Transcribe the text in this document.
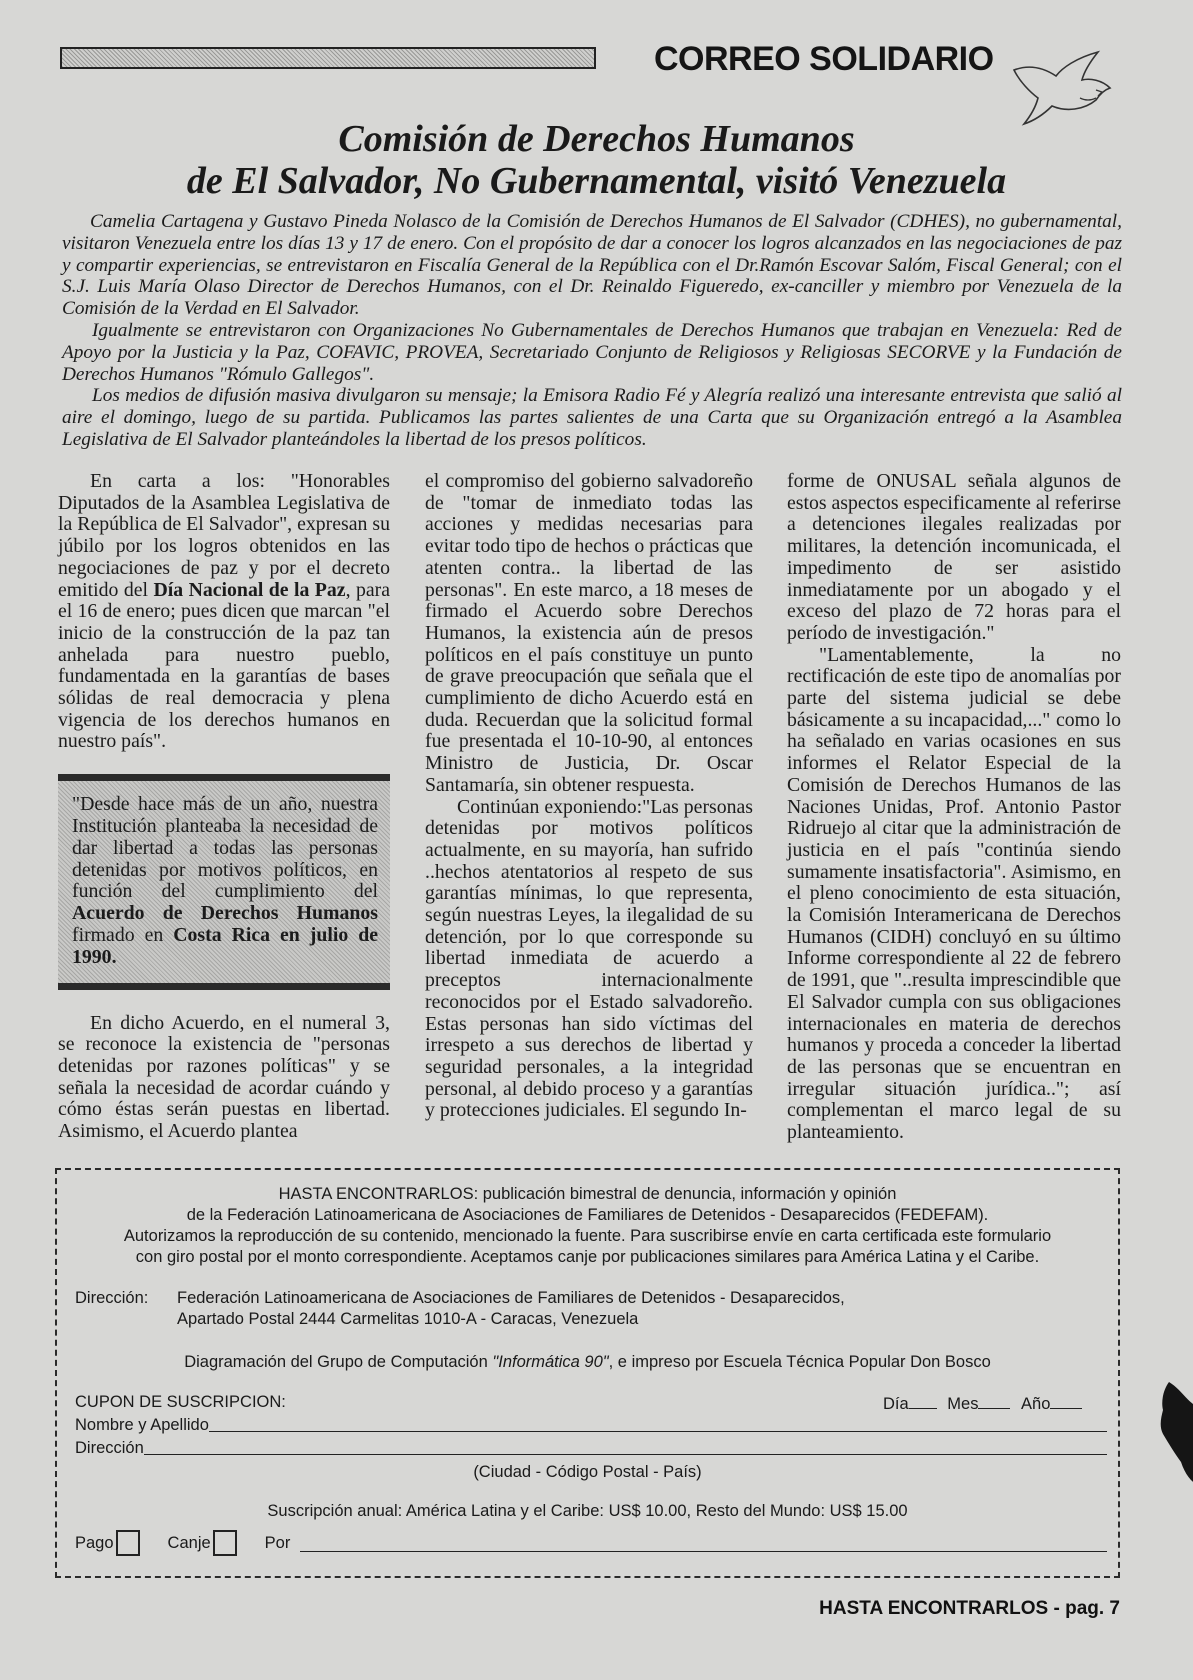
CORREO SOLIDARIO
Comisión de Derechos Humanos
de El Salvador, No Gubernamental, visitó Venezuela

Camelia Cartagena y Gustavo Pineda Nolasco de la Comisión de Derechos Humanos de El Salvador (CDHES), no gubernamental, visitaron Venezuela entre los días 13 y 17 de enero. Con el propósito de dar a conocer los logros alcanzados en las negociaciones de paz y compartir experiencias, se entrevistaron en Fiscalía General de la República con el Dr.Ramón Escovar Salóm, Fiscal General; con el S.J. Luis María Olaso Director de Derechos Humanos, con el Dr. Reinaldo Figueredo, ex-canciller y miembro por Venezuela de la Comisión de la Verdad en El Salvador.

Igualmente se entrevistaron con Organizaciones No Gubernamentales de Derechos Humanos que trabajan en Venezuela: Red de Apoyo por la Justicia y la Paz, COFAVIC, PROVEA, Secretariado Conjunto de Religiosos y Religiosas SECORVE y la Fundación de Derechos Humanos "Rómulo Gallegos".

Los medios de difusión masiva divulgaron su mensaje; la Emisora Radio Fé y Alegría realizó una interesante entrevista que salió al aire el domingo, luego de su partida. Publicamos las partes salientes de una Carta que su Organización entregó a la Asamblea Legislativa de El Salvador planteándoles la libertad de los presos políticos.

En carta a los: "Honorables Diputados de la Asamblea Legislativa de la República de El Salvador", expresan su júbilo por los logros obtenidos en las negociaciones de paz y por el decreto emitido del Día Nacional de la Paz, para el 16 de enero; pues dicen que marcan "el inicio de la construcción de la paz tan anhelada para nuestro pueblo, fundamentada en la garantías de bases sólidas de real democracia y plena vigencia de los derechos humanos en nuestro país".

"Desde hace más de un año, nuestra Institución planteaba la necesidad de dar libertad a todas las personas detenidas por motivos políticos, en función del cumplimiento del Acuerdo de Derechos Humanos firmado en Costa Rica en julio de 1990.

En dicho Acuerdo, en el numeral 3, se reconoce la existencia de "personas detenidas por razones políticas" y se señala la necesidad de acordar cuándo y cómo éstas serán puestas en libertad. Asimismo, el Acuerdo plantea

el compromiso del gobierno salvadoreño de "tomar de inmediato todas las acciones y medidas necesarias para evitar todo tipo de hechos o prácticas que atenten contra.. la libertad de las personas". En este marco, a 18 meses de firmado el Acuerdo sobre Derechos Humanos, la existencia aún de presos políticos en el país constituye un punto de grave preocupación que señala que el cumplimiento de dicho Acuerdo está en duda. Recuerdan que la solicitud formal fue presentada el 10-10-90, al entonces Ministro de Justicia, Dr. Oscar Santamaría, sin obtener respuesta.

Continúan exponiendo:"Las personas detenidas por motivos políticos actualmente, en su mayoría, han sufrido ..hechos atentatorios al respeto de sus garantías mínimas, lo que representa, según nuestras Leyes, la ilegalidad de su detención, por lo que corresponde su libertad inmediata de acuerdo a preceptos internacionalmente reconocidos por el Estado salvadoreño. Estas personas han sido víctimas del irrespeto a sus derechos de libertad y seguridad personales, a la integridad personal, al debido proceso y a garantías y protecciones judiciales. El segundo In-

forme de ONUSAL señala algunos de estos aspectos especificamente al referirse a detenciones ilegales realizadas por militares, la detención incomunicada, el impedimento de ser asistido inmediatamente por un abogado y el exceso del plazo de 72 horas para el período de investigación."

"Lamentablemente, la no rectificación de este tipo de anomalías por parte del sistema judicial se debe básicamente a su incapacidad,..." como lo ha señalado en varias ocasiones en sus informes el Relator Especial de la Comisión de Derechos Humanos de las Naciones Unidas, Prof. Antonio Pastor Ridruejo al citar que la administración de justicia en el país "continúa siendo sumamente insatisfactoria". Asimismo, en el pleno conocimiento de esta situación, la Comisión Interamericana de Derechos Humanos (CIDH) concluyó en su último Informe correspondiente al 22 de febrero de 1991, que "..resulta imprescindible que El Salvador cumpla con sus obligaciones internacionales en materia de derechos humanos y proceda a conceder la libertad de las personas que se encuentran en irregular situación jurídica.."; así complementan el marco legal de su planteamiento.

HASTA ENCONTRARLOS: publicación bimestral de denuncia, información y opinión
de la Federación Latinoamericana de Asociaciones de Familiares de Detenidos - Desaparecidos (FEDEFAM).
Autorizamos la reproducción de su contenido, mencionado la fuente. Para suscribirse envíe en carta certificada este formulario
con giro postal por el monto correspondiente. Aceptamos canje por publicaciones similares para América Latina y el Caribe.
Dirección: Federación Latinoamericana de Asociaciones de Familiares de Detenidos - Desaparecidos,
Apartado Postal 2444 Carmelitas 1010-A - Caracas, Venezuela
Diagramación del Grupo de Computación "Informática 90", e impreso por Escuela Técnica Popular Don Bosco
CUPON DE SUSCRIPCION:	Día Mes	Año
Nombre y Apellido
Dirección
(Ciudad - Código Postal - País)
Suscripción anual: América Latina y el Caribe: US$ 10.00, Resto del Mundo: US$ 15.00
Pago	Canje	Por
HASTA ENCONTRARLOS - pag. 7
